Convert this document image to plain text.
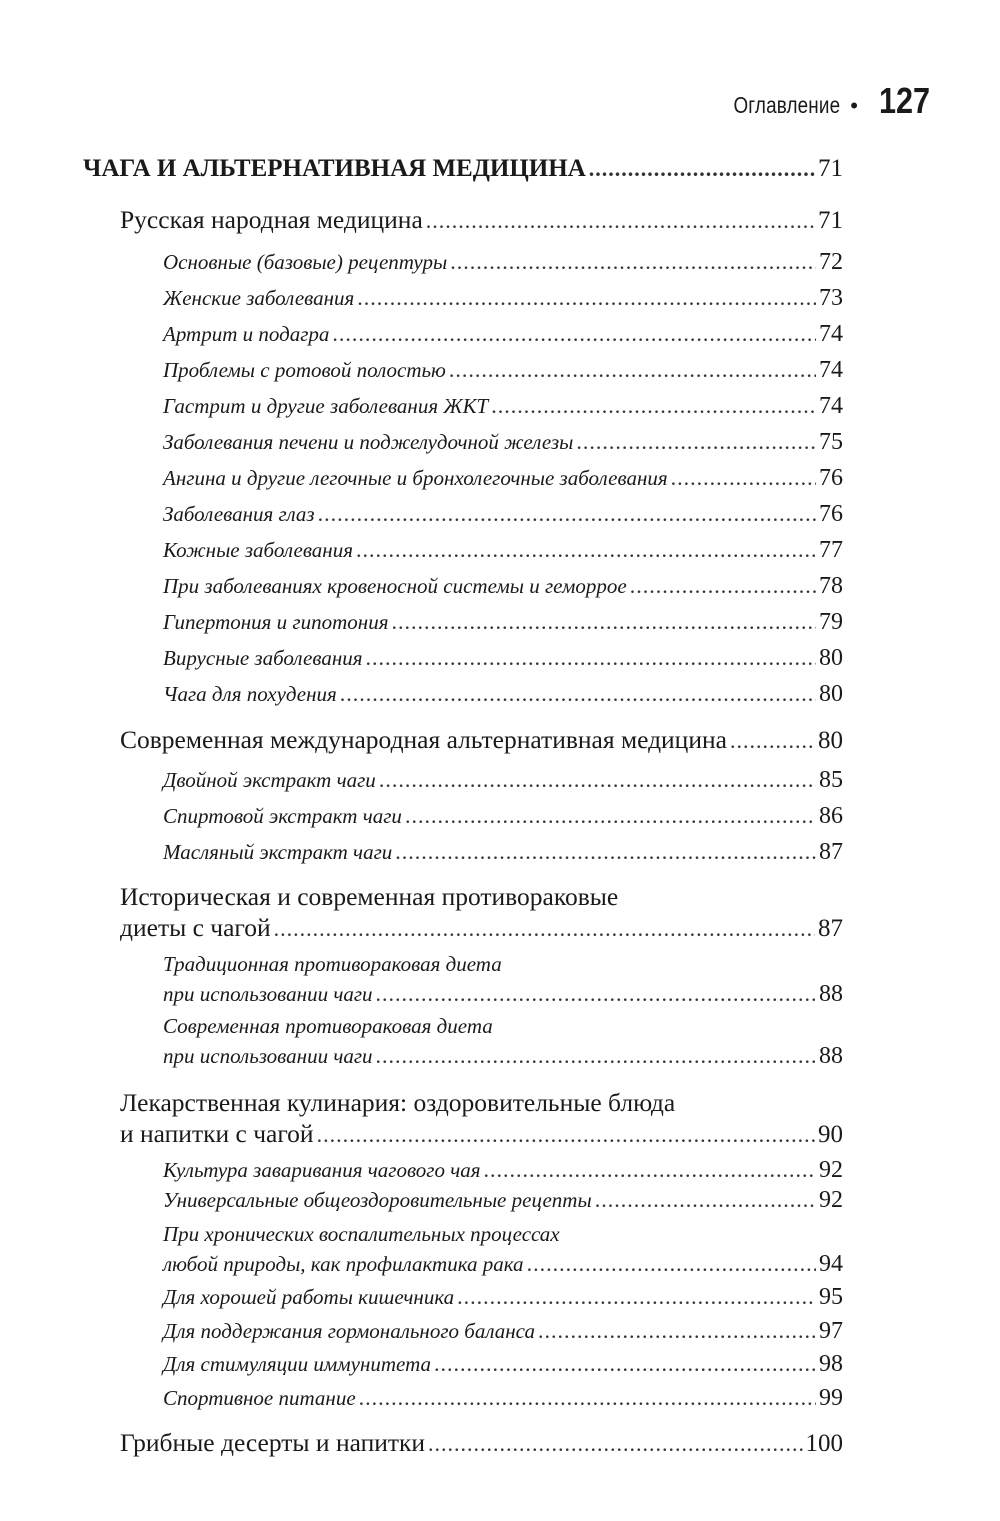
Оглавление • 127
ЧАГА И АЛЬТЕРНАТИВНАЯ МЕДИЦИНА .....	71
Русская народная медицина .....	71
Основные (базовые) рецептуры .....	72
Женские заболевания .....	73
Артрит и подагра .....	74
Проблемы с ротовой полостью .....	74
Гастрит и другие заболевания ЖКТ .....	74
Заболевания печени и поджелудочной железы .....	75
Ангина и другие легочные и бронхолегочные заболевания .....	76
Заболевания глаз .....	76
Кожные заболевания .....	77
При заболеваниях кровеносной системы и геморрое .....	78
Гипертония и гипотония .....	79
Вирусные заболевания .....	80
Чага для похудения .....	80
Современная международная альтернативная медицина .....	80
Двойной экстракт чаги .....	85
Спиртовой экстракт чаги .....	86
Масляный экстракт чаги .....	87
Историческая и современная противораковые
диеты с чагой .....	87
Традиционная противораковая диета
при использовании чаги .....	88
Современная противораковая диета
при использовании чаги .....	88
Лекарственная кулинария: оздоровительные блюда
и напитки с чагой .....	90
Культура заваривания чагового чая .....	92
Универсальные общеоздоровительные рецепты .....	92
При хронических воспалительных процессах
любой природы, как профилактика рака .....	94
Для хорошей работы кишечника .....	95
Для поддержания гормонального баланса .....	97
Для стимуляции иммунитета .....	98
Спортивное питание .....	99
Грибные десерты и напитки .....	100
